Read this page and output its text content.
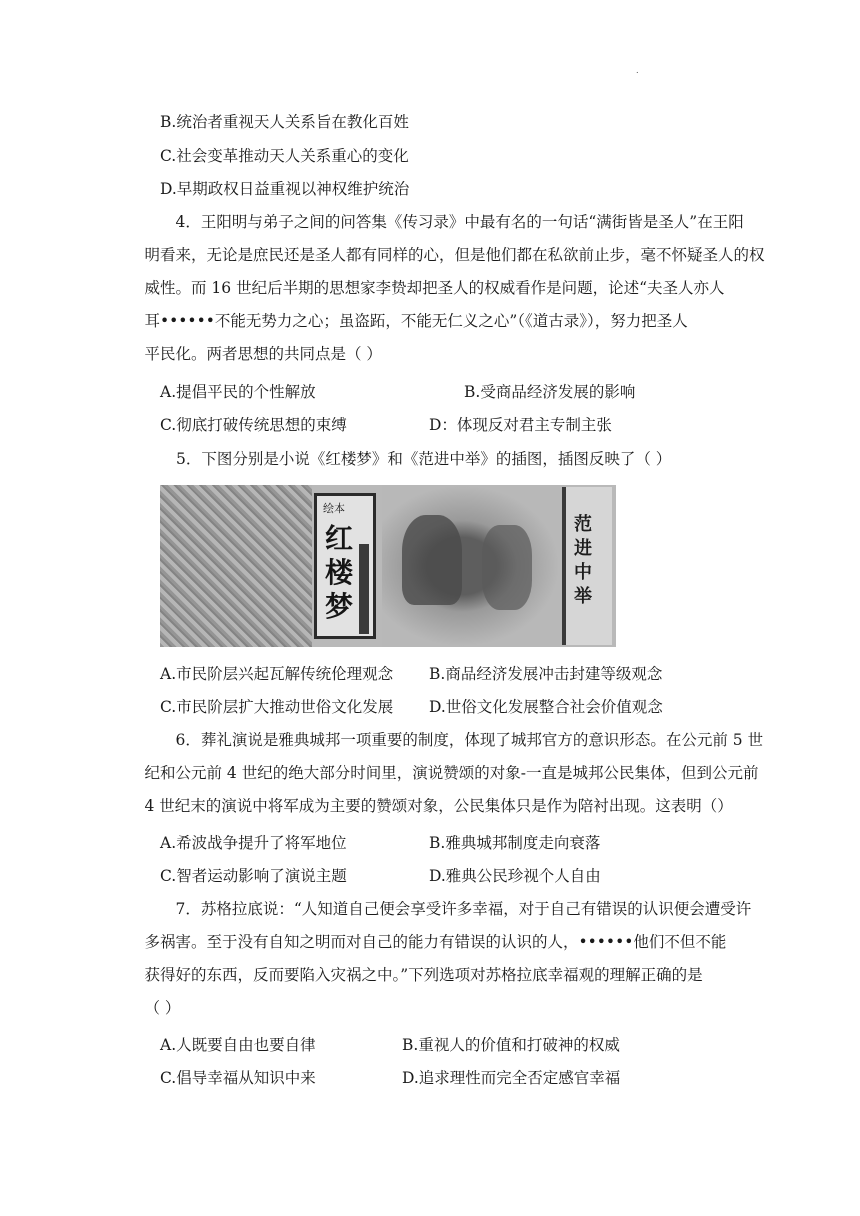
.
B.统治者重视天人关系旨在教化百姓
C.社会变革推动天人关系重心的变化
D.早期政权日益重视以神权维护统治
4．王阳明与弟子之间的问答集《传习录》中最有名的一句话“满街皆是圣人”在王阳
明看来，无论是庶民还是圣人都有同样的心，但是他们都在私欲前止步，毫不怀疑圣人的权
威性。而 16 世纪后半期的思想家李贽却把圣人的权威看作是问题，论述“夫圣人亦人
耳••••••不能无势力之心；虽盗跖，不能无仁义之心”（《道古录》），努力把圣人
平民化。两者思想的共同点是（ ）
A.提倡平民的个性解放	B.受商品经济发展的影响
C.彻底打破传统思想的束缚	D：体现反对君主专制主张
5．下图分别是小说《红楼梦》和《范进中举》的插图，插图反映了（ ）
绘本
红楼梦
范进中举
A.市民阶层兴起瓦解传统伦理观念 B.商品经济发展冲击封建等级观念
C.市民阶层扩大推动世俗文化发展 D.世俗文化发展整合社会价值观念
6．葬礼演说是雅典城邦一项重要的制度，体现了城邦官方的意识形态。在公元前 5 世
纪和公元前 4 世纪的绝大部分时间里，演说赞颂的对象-一直是城邦公民集体，但到公元前
4 世纪末的演说中将军成为主要的赞颂对象，公民集体只是作为陪衬出现。这表明（）
A.希波战争提升了将军地位	B.雅典城邦制度走向衰落
C.智者运动影响了演说主题	D.雅典公民珍视个人自由
7．苏格拉底说：“人知道自己便会享受许多幸福，对于自己有错误的认识便会遭受许
多祸害。至于没有自知之明而对自己的能力有错误的认识的人，••••••他们不但不能
获得好的东西，反而要陷入灾祸之中。”下列选项对苏格拉底幸福观的理解正确的是
（ ）
A.人既要自由也要自律	B.重视人的价值和打破神的权威
C.倡导幸福从知识中来	D.追求理性而完全否定感官幸福
